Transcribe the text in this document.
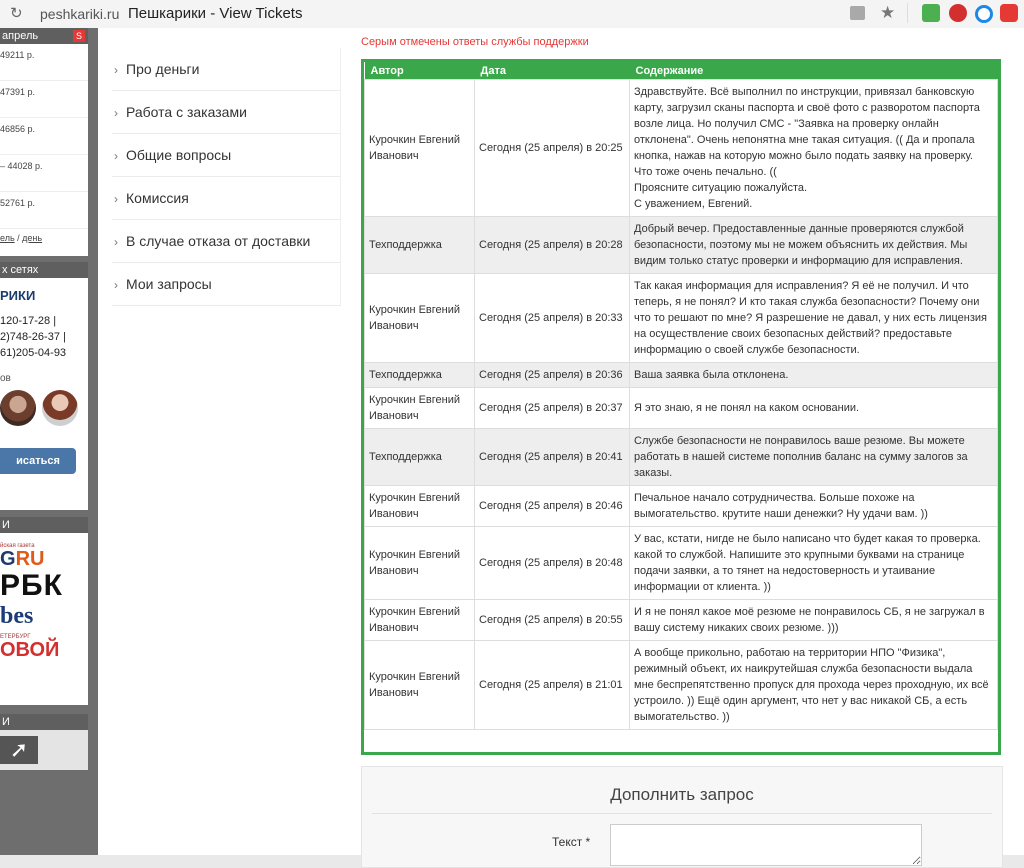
↻ peshkariki.ru Пешкарики - View Tickets	★
апрель	S
49211 р.
47391 р.
46856 р.
– 44028 р.
52761 р.
ель / день
х сетях
РИКИ
120-17-28 |
2)748-26-37 |
61)205-04-93
ов
исаться
И
йская газета
GRU
РБК
bes
ЕТЕРБУРГ
ОВОЙ
И
➚
› Про деньги
› Работа с заказами
› Общие вопросы
› Комиссия
› В случае отказа от доставки
› Мои запросы
Серым отмечены ответы службы поддержки
Автор	Дата	Содержание
Курочкин Евгений Иванович	Сегодня (25 апреля) в 20:25	Здравствуйте. Всё выполнил по инструкции, привязал банковскую карту, загрузил сканы паспорта и своё фото с разворотом паспорта возле лица. Но получил СМС - "Заявка на проверку онлайн отклонена". Очень непонятна мне такая ситуация. (( Да и пропала кнопка, нажав на которую можно было подать заявку на проверку. Что тоже очень печально. ((
Проясните ситуацию пожалуйста.
С уважением, Евгений.
Техподдержка	Сегодня (25 апреля) в 20:28	Добрый вечер. Предоставленные данные проверяются службой безопасности, поэтому мы не можем объяснить их действия. Мы видим только статус проверки и информацию для исправления.
Курочкин Евгений Иванович	Сегодня (25 апреля) в 20:33	Так какая информация для исправления? Я её не получил. И что теперь, я не понял? И кто такая служба безопасности? Почему они что то решают по мне? Я разрешение не давал, у них есть лицензия на осуществление своих безопасных действий? предоставьте информацию о своей службе безопасности.
Техподдержка	Сегодня (25 апреля) в 20:36	Ваша заявка была отклонена.
Курочкин Евгений Иванович	Сегодня (25 апреля) в 20:37	Я это знаю, я не понял на каком основании.
Техподдержка	Сегодня (25 апреля) в 20:41	Службе безопасности не понравилось ваше резюме. Вы можете работать в нашей системе пополнив баланс на сумму залогов за заказы.
Курочкин Евгений Иванович	Сегодня (25 апреля) в 20:46	Печальное начало сотрудничества. Больше похоже на вымогательство. крутите наши денежки? Ну удачи вам. ))
Курочкин Евгений Иванович	Сегодня (25 апреля) в 20:48	У вас, кстати, нигде не было написано что будет какая то проверка. какой то службой. Напишите это крупными буквами на странице подачи заявки, а то тянет на недостоверность и утаивание информации от клиента. ))
Курочкин Евгений Иванович	Сегодня (25 апреля) в 20:55	И я не понял какое моё резюме не понравилось СБ, я не загружал в вашу систему никаких своих резюме. )))
Курочкин Евгений Иванович	Сегодня (25 апреля) в 21:01	А вообще прикольно, работаю на территории НПО "Физика", режимный объект, их наикрутейшая служба безопасности выдала мне беспрепятственно пропуск для прохода через проходную, их всё устроило. )) Ещё один аргумент, что нет у вас никакой СБ, а есть вымогательство. ))
Дополнить запрос
Текст *
